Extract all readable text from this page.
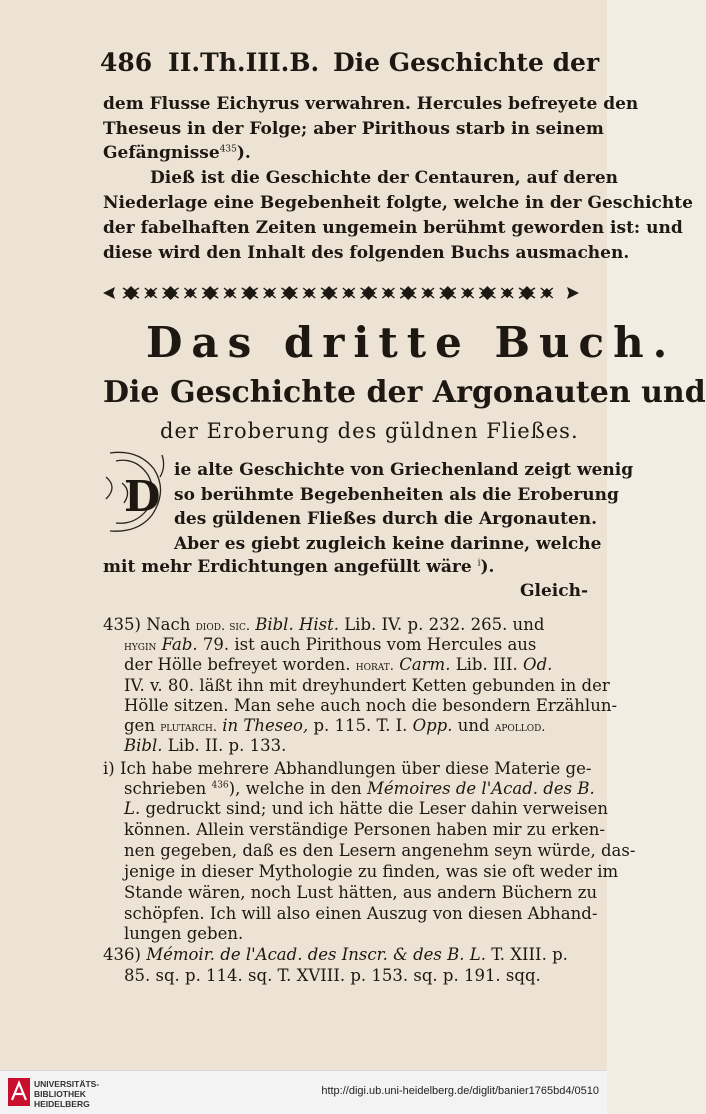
486 II.Th.III.B. Die Geschichte der
dem Flusse Eichyrus verwahren. Hercules befreyete den
Theseus in der Folge; aber Pirithous starb in seinem
Gefängnisse$^{435}$).
Dieß ist die Geschichte der Centauren, auf deren
Niederlage eine Begebenheit folgte, welche in der Geschichte
der fabelhaften Zeiten ungemein berühmt geworden ist: und
diese wird den Inhalt des folgenden Buchs ausmachen.
Das dritte Buch.
Die Geschichte der Argonauten und
der Eroberung des güldnen Fließes.
D
ie alte Geschichte von Griechenland zeigt wenig
so berühmte Begebenheiten als die Eroberung
des güldenen Fließes durch die Argonauten.
Aber es giebt zugleich keine darinne, welche
mit mehr Erdichtungen angefüllt wäre $^i$).
Gleich-
435) Nach diod. sic. Bibl. Hist. Lib. IV. p. 232. 265. und
hygin Fab. 79. ist auch Pirithous vom Hercules aus
der Hölle befreyet worden. horat. Carm. Lib. III. Od.
IV. v. 80. läßt ihn mit dreyhundert Ketten gebunden in der
Hölle sitzen. Man sehe auch noch die besondern Erzählun-
gen plutarch. in Theseo, p. 115. T. I. Opp. und apollod.
Bibl. Lib. II. p. 133.
i) Ich habe mehrere Abhandlungen über diese Materie ge-
schrieben $^{436}$), welche in den Mémoires de l'Acad. des B.
L. gedruckt sind; und ich hätte die Leser dahin verweisen
können. Allein verständige Personen haben mir zu erken-
nen gegeben, daß es den Lesern angenehm seyn würde, das-
jenige in dieser Mythologie zu finden, was sie oft weder im
Stande wären, noch Lust hätten, aus andern Büchern zu
schöpfen. Ich will also einen Auszug von diesen Abhand-
lungen geben.
436) Mémoir. de l'Acad. des Inscr. & des B. L. T. XIII. p.
85. sq. p. 114. sq. T. XVIII. p. 153. sq. p. 191. sqq.
UNIVERSITÄTS-
BIBLIOTHEK
HEIDELBERG
http://digi.ub.uni-heidelberg.de/diglit/banier1765bd4/0510
